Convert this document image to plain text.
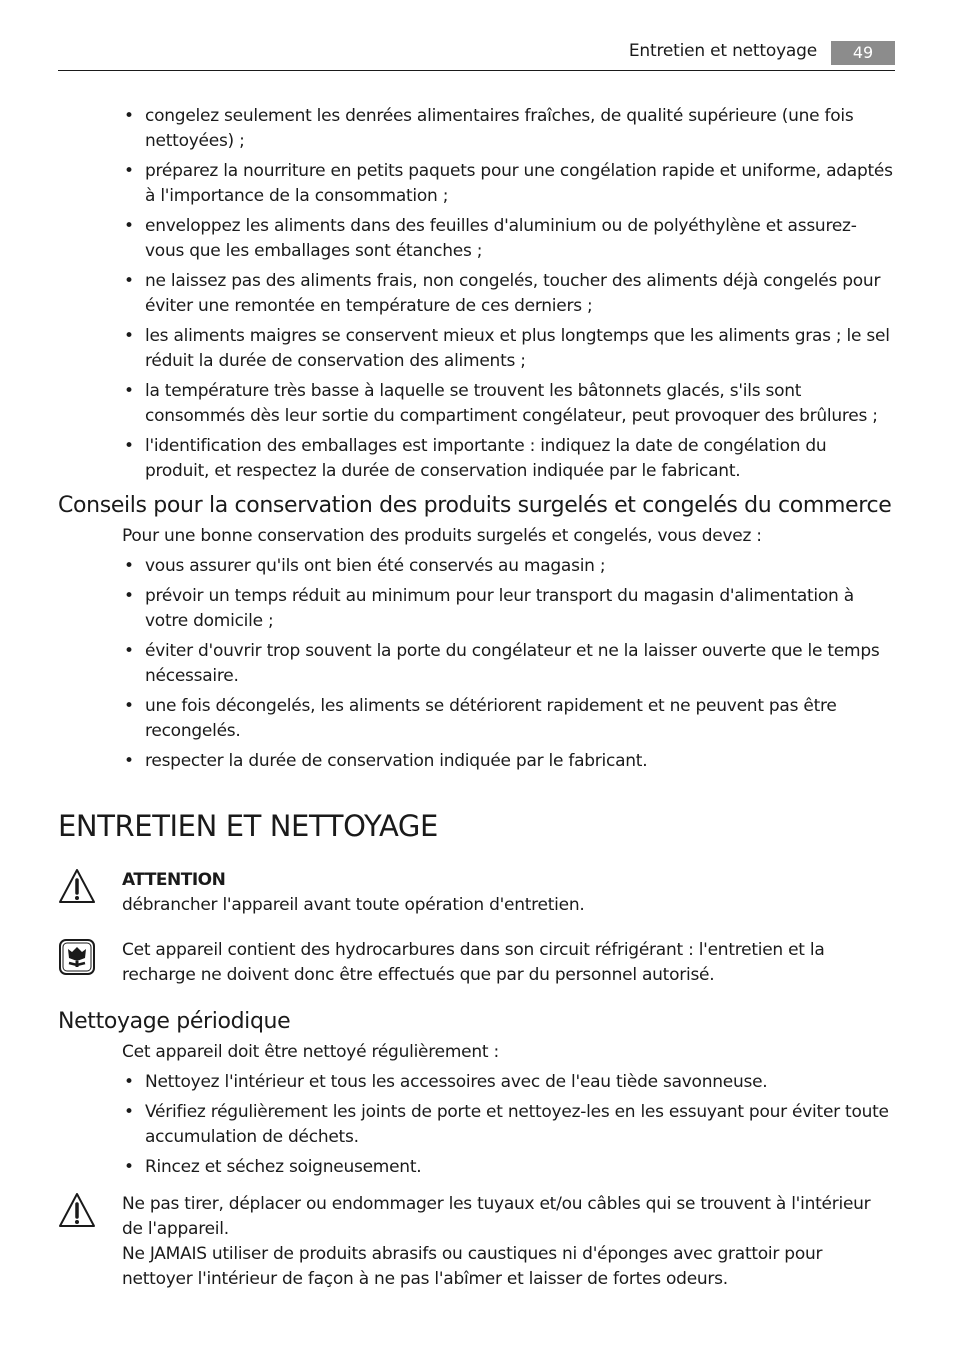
Entretien et nettoyage	49
• congelez seulement les denrées alimentaires fraîches, de qualité supérieure (une fois nettoyées) ;
• préparez la nourriture en petits paquets pour une congélation rapide et uniforme, adaptés à l'importance de la consommation ;
• enveloppez les aliments dans des feuilles d'aluminium ou de polyéthylène et assurez-vous que les emballages sont étanches ;
• ne laissez pas des aliments frais, non congelés, toucher des aliments déjà congelés pour éviter une remontée en température de ces derniers ;
• les aliments maigres se conservent mieux et plus longtemps que les aliments gras ; le sel réduit la durée de conservation des aliments ;
• la température très basse à laquelle se trouvent les bâtonnets glacés, s'ils sont consommés dès leur sortie du compartiment congélateur, peut provoquer des brûlures ;
• l'identification des emballages est importante : indiquez la date de congélation du produit, et respectez la durée de conservation indiquée par le fabricant.
Conseils pour la conservation des produits surgelés et congelés du commerce
Pour une bonne conservation des produits surgelés et congelés, vous devez :
• vous assurer qu'ils ont bien été conservés au magasin ;
• prévoir un temps réduit au minimum pour leur transport du magasin d'alimentation à votre domicile ;
• éviter d'ouvrir trop souvent la porte du congélateur et ne la laisser ouverte que le temps nécessaire.
• une fois décongelés, les aliments se détériorent rapidement et ne peuvent pas être recongelés.
• respecter la durée de conservation indiquée par le fabricant.
ENTRETIEN ET NETTOYAGE
ATTENTION
débrancher l'appareil avant toute opération d'entretien.
Cet appareil contient des hydrocarbures dans son circuit réfrigérant : l'entretien et la recharge ne doivent donc être effectués que par du personnel autorisé.
Nettoyage périodique
Cet appareil doit être nettoyé régulièrement :
• Nettoyez l'intérieur et tous les accessoires avec de l'eau tiède savonneuse.
• Vérifiez régulièrement les joints de porte et nettoyez-les en les essuyant pour éviter toute accumulation de déchets.
• Rincez et séchez soigneusement.
Ne pas tirer, déplacer ou endommager les tuyaux et/ou câbles qui se trouvent à l'intérieur de l'appareil.
Ne JAMAIS utiliser de produits abrasifs ou caustiques ni d'éponges avec grattoir pour nettoyer l'intérieur de façon à ne pas l'abîmer et laisser de fortes odeurs.
